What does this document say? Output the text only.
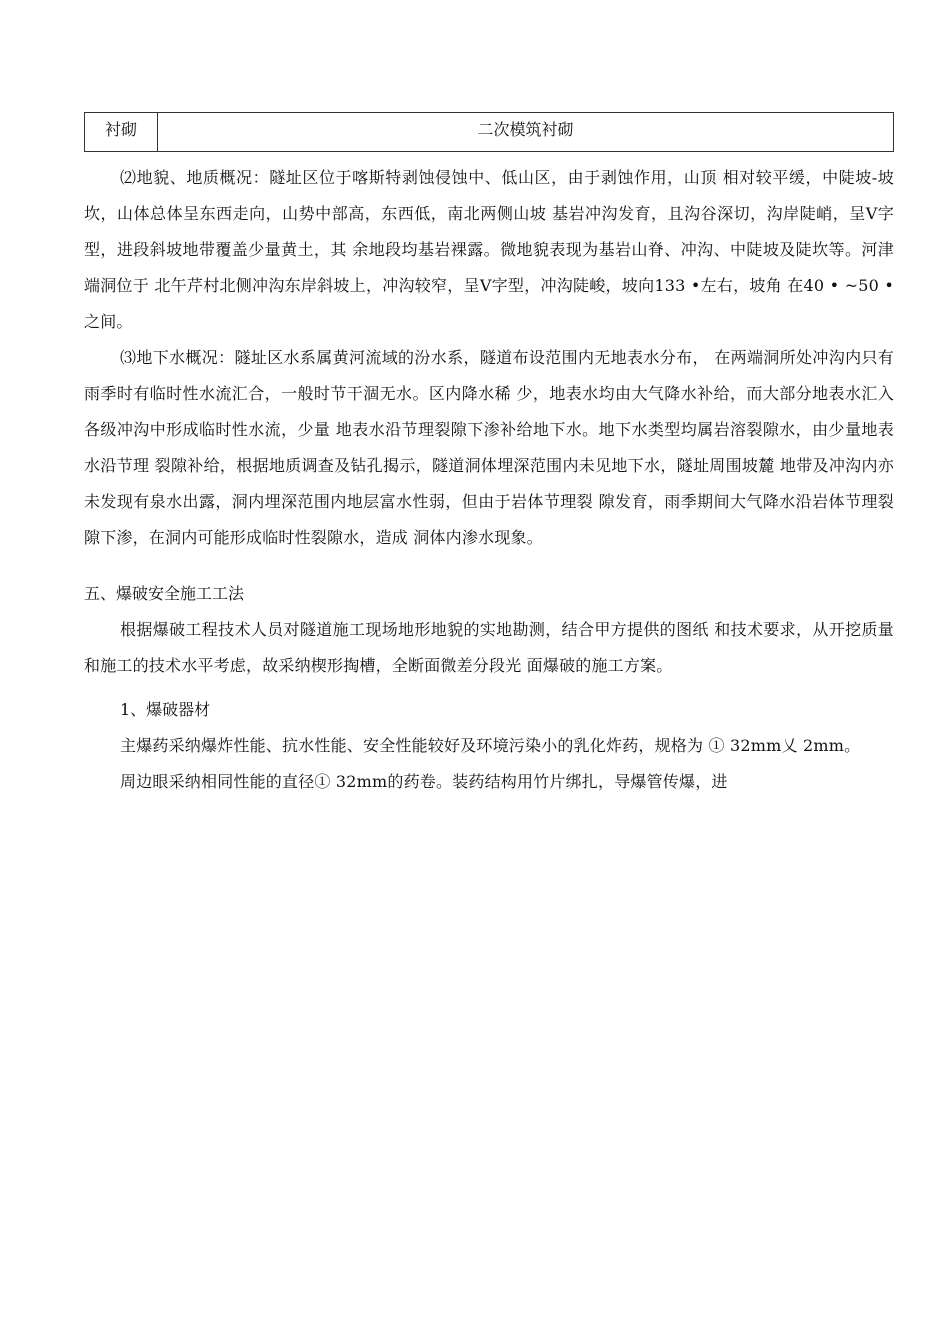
衬砌	二次模筑衬砌

⑵地貌、地质概况：隧址区位于喀斯特剥蚀侵蚀中、低山区，由于剥蚀作用，山顶 相对较平缓，中陡坡-坡坎，山体总体呈东西走向，山势中部高，东西低，南北两侧山坡 基岩冲沟发育，且沟谷深切，沟岸陡峭，呈V字型，进段斜坡地带覆盖少量黄土，其 余地段均基岩裸露。微地貌表现为基岩山脊、冲沟、中陡坡及陡坎等。河津端洞位于 北午芹村北侧冲沟东岸斜坡上，冲沟较窄，呈V字型，冲沟陡峻，坡向133 •左右，坡角 在40 • ~50 •之间。

⑶地下水概况：隧址区水系属黄河流域的汾水系，隧道布设范围内无地表水分布， 在两端洞所处冲沟内只有雨季时有临时性水流汇合，一般时节干涸无水。区内降水稀 少，地表水均由大气降水补给，而大部分地表水汇入各级冲沟中形成临时性水流，少量 地表水沿节理裂隙下渗补给地下水。地下水类型均属岩溶裂隙水，由少量地表水沿节理 裂隙补给，根据地质调查及钻孔揭示，隧道洞体埋深范围内未见地下水，隧址周围坡麓 地带及冲沟内亦未发现有泉水出露，洞内埋深范围内地层富水性弱，但由于岩体节理裂 隙发育，雨季期间大气降水沿岩体节理裂隙下渗，在洞内可能形成临时性裂隙水，造成 洞体内渗水现象。

五、爆破安全施工工法

根据爆破工程技术人员对隧道施工现场地形地貌的实地勘测，结合甲方提供的图纸 和技术要求，从开挖质量和施工的技术水平考虑，故采纳楔形掏槽，全断面微差分段光 面爆破的施工方案。

1、爆破器材

主爆药采纳爆炸性能、抗水性能、安全性能较好及环境污染小的乳化炸药，规格为 ① 32mm乂 2mm。

周边眼采纳相同性能的直径① 32mm的药卷。装药结构用竹片绑扎，导爆管传爆，进
